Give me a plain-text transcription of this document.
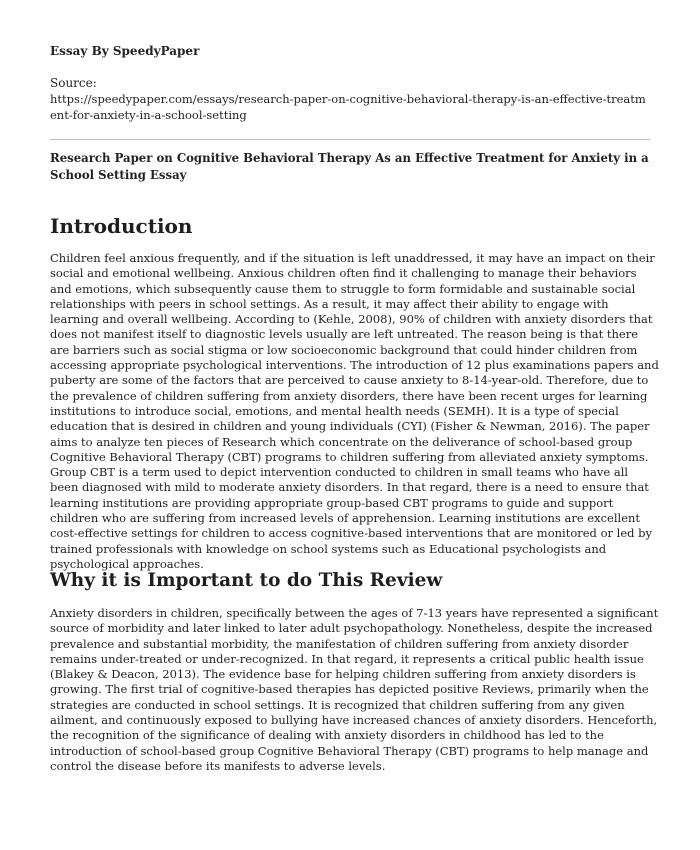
Essay By SpeedyPaper
Source:
https://speedypaper.com/essays/research-paper-on-cognitive-behavioral-therapy-is-an-effective-treatment-for-anxiety-in-a-school-setting
Research Paper on Cognitive Behavioral Therapy As an Effective Treatment for Anxiety in a School Setting Essay
Introduction
Children feel anxious frequently, and if the situation is left unaddressed, it may have an impact on their social and emotional wellbeing. Anxious children often find it challenging to manage their behaviors and emotions, which subsequently cause them to struggle to form formidable and sustainable social relationships with peers in school settings. As a result, it may affect their ability to engage with learning and overall wellbeing. According to (Kehle, 2008), 90% of children with anxiety disorders that does not manifest itself to diagnostic levels usually are left untreated. The reason being is that there are barriers such as social stigma or low socioeconomic background that could hinder children from accessing appropriate psychological interventions. The introduction of 12 plus examinations papers and puberty are some of the factors that are perceived to cause anxiety to 8-14-year-old. Therefore, due to the prevalence of children suffering from anxiety disorders, there have been recent urges for learning institutions to introduce social, emotions, and mental health needs (SEMH). It is a type of special education that is desired in children and young individuals (CYI) (Fisher & Newman, 2016). The paper aims to analyze ten pieces of Research which concentrate on the deliverance of school-based group Cognitive Behavioral Therapy (CBT) programs to children suffering from alleviated anxiety symptoms. Group CBT is a term used to depict intervention conducted to children in small teams who have all been diagnosed with mild to moderate anxiety disorders. In that regard, there is a need to ensure that learning institutions are providing appropriate group-based CBT programs to guide and support children who are suffering from increased levels of apprehension. Learning institutions are excellent cost-effective settings for children to access cognitive-based interventions that are monitored or led by trained professionals with knowledge on school systems such as Educational psychologists and psychological approaches.
Why it is Important to do This Review
Anxiety disorders in children, specifically between the ages of 7-13 years have represented a significant source of morbidity and later linked to later adult psychopathology. Nonetheless, despite the increased prevalence and substantial morbidity, the manifestation of children suffering from anxiety disorder remains under-treated or under-recognized. In that regard, it represents a critical public health issue (Blakey & Deacon, 2013). The evidence base for helping children suffering from anxiety disorders is growing. The first trial of cognitive-based therapies has depicted positive Reviews, primarily when the strategies are conducted in school settings. It is recognized that children suffering from any given ailment, and continuously exposed to bullying have increased chances of anxiety disorders. Henceforth, the recognition of the significance of dealing with anxiety disorders in childhood has led to the introduction of school-based group Cognitive Behavioral Therapy (CBT) programs to help manage and control the disease before its manifests to adverse levels.
